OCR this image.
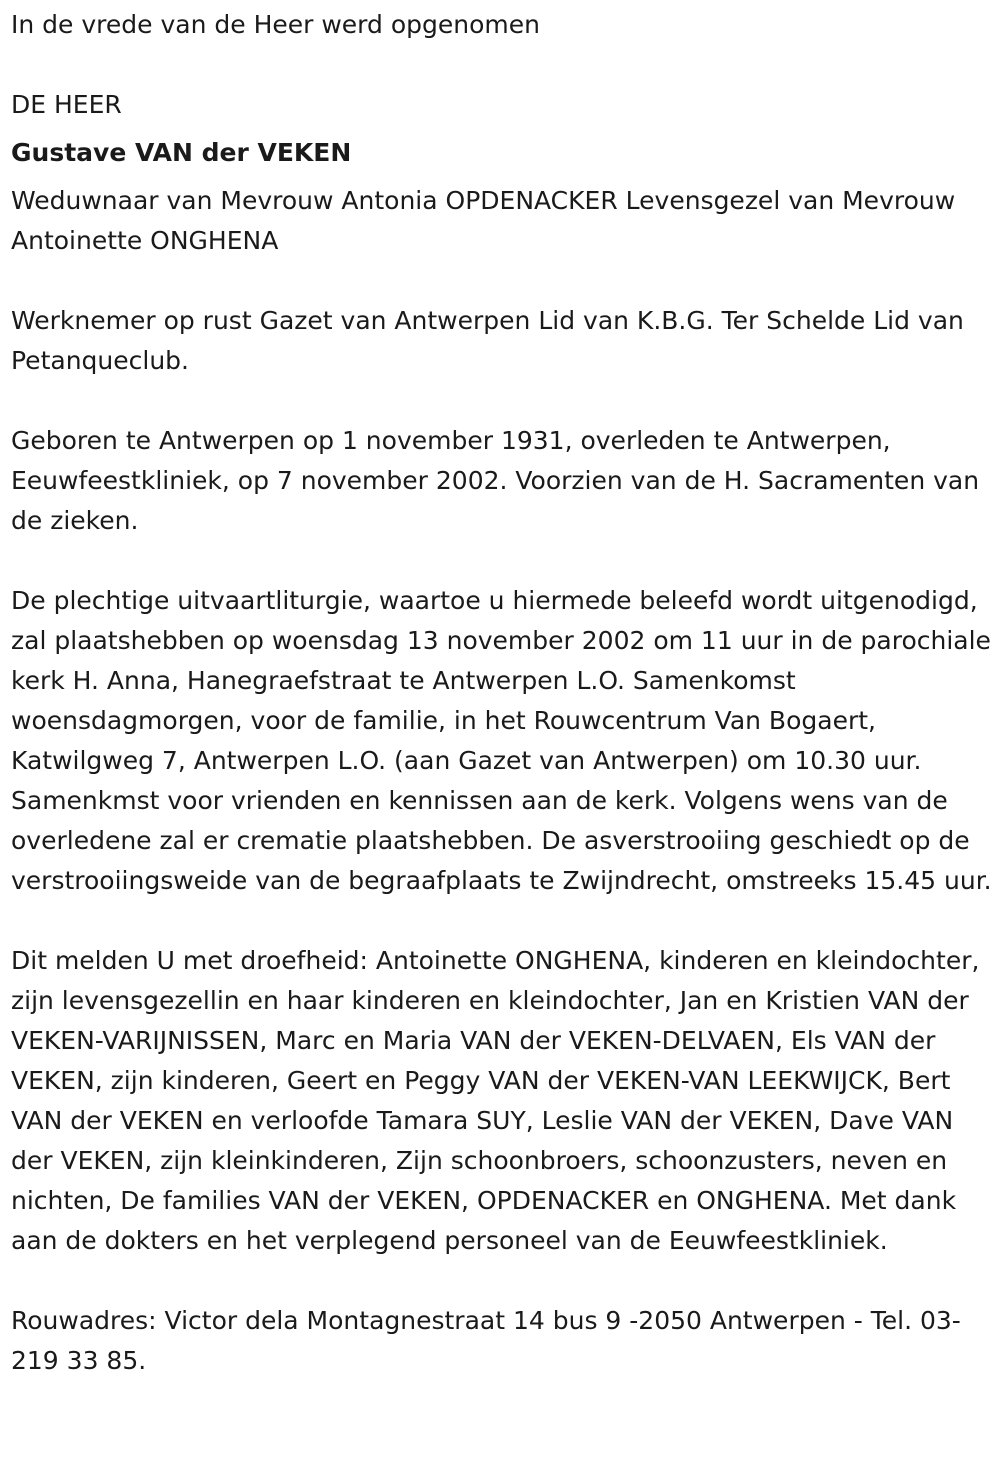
In de vrede van de Heer werd opgenomen

DE HEER

Gustave VAN der VEKEN

Weduwnaar van Mevrouw Antonia OPDENACKER Levensgezel van Mevrouw Antoinette ONGHENA

Werknemer op rust Gazet van Antwerpen Lid van K.B.G. Ter Schelde Lid van Petanqueclub.

Geboren te Antwerpen op 1 november 1931, overleden te Antwerpen, Eeuwfeestkliniek, op 7 november 2002. Voorzien van de H. Sacramenten van de zieken.

De plechtige uitvaartliturgie, waartoe u hiermede beleefd wordt uitgenodigd, zal plaatshebben op woensdag 13 november 2002 om 11 uur in de parochiale kerk H. Anna, Hanegraefstraat te Antwerpen L.O. Samenkomst woensdagmorgen, voor de familie, in het Rouwcentrum Van Bogaert, Katwilgweg 7, Antwerpen L.O. (aan Gazet van Antwerpen) om 10.30 uur. Samenkmst voor vrienden en kennissen aan de kerk. Volgens wens van de overledene zal er crematie plaatshebben. De asverstrooiing geschiedt op de verstrooiingsweide van de begraafplaats te Zwijndrecht, omstreeks 15.45 uur.

Dit melden U met droefheid: Antoinette ONGHENA, kinderen en kleindochter, zijn levensgezellin en haar kinderen en kleindochter, Jan en Kristien VAN der VEKEN-VARIJNISSEN, Marc en Maria VAN der VEKEN-DELVAEN, Els VAN der VEKEN, zijn kinderen, Geert en Peggy VAN der VEKEN-VAN LEEKWIJCK, Bert VAN der VEKEN en verloofde Tamara SUY, Leslie VAN der VEKEN, Dave VAN der VEKEN, zijn kleinkinderen, Zijn schoonbroers, schoonzusters, neven en nichten, De families VAN der VEKEN, OPDENACKER en ONGHENA. Met dank aan de dokters en het verplegend personeel van de Eeuwfeestkliniek.

Rouwadres: Victor dela Montagnestraat 14 bus 9 -2050 Antwerpen - Tel. 03-219 33 85.
